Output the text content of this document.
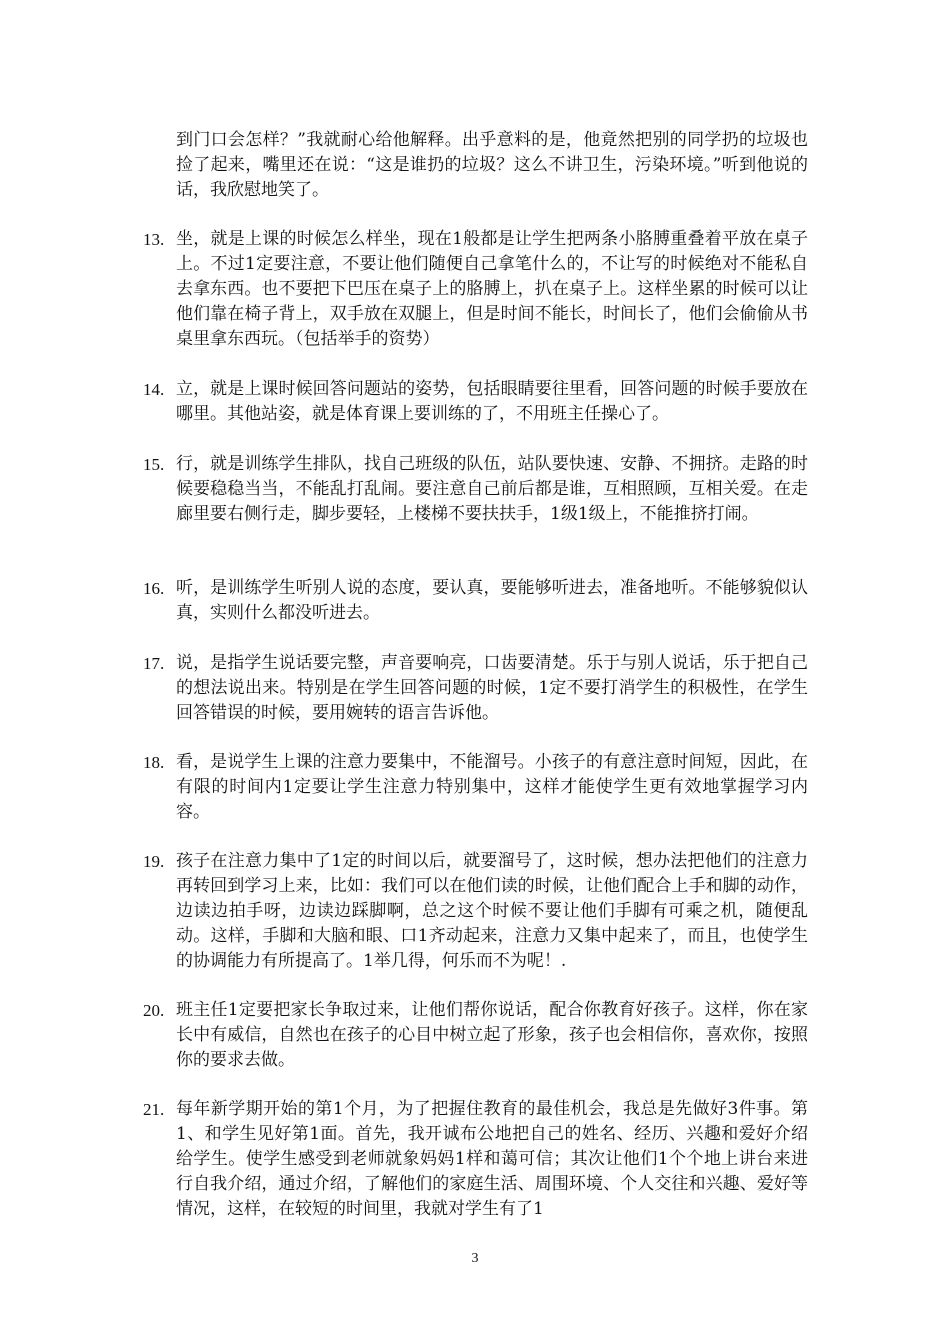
到门口会怎样？”我就耐心给他解释。出乎意料的是，他竟然把别的同学扔的垃圾也捡了起来，嘴里还在说：“这是谁扔的垃圾？这么不讲卫生，污染环境。”听到他说的话，我欣慰地笑了。

13. 坐，就是上课的时候怎么样坐，现在1般都是让学生把两条小胳膊重叠着平放在桌子上。不过1定要注意，不要让他们随便自己拿笔什么的，不让写的时候绝对不能私自去拿东西。也不要把下巴压在桌子上的胳膊上，扒在桌子上。这样坐累的时候可以让他们靠在椅子背上，双手放在双腿上，但是时间不能长，时间长了，他们会偷偷从书桌里拿东西玩。（包括举手的资势）

14. 立，就是上课时候回答问题站的姿势，包括眼睛要往里看，回答问题的时候手要放在哪里。其他站姿，就是体育课上要训练的了，不用班主任操心了。

15. 行，就是训练学生排队，找自己班级的队伍，站队要快速、安静、不拥挤。走路的时候要稳稳当当，不能乱打乱闹。要注意自己前后都是谁，互相照顾，互相关爱。在走廊里要右侧行走，脚步要轻，上楼梯不要扶扶手，1级1级上，不能推挤打闹。

16. 听，是训练学生听别人说的态度，要认真，要能够听进去，准备地听。不能够貌似认真，实则什么都没听进去。

17. 说，是指学生说话要完整，声音要响亮，口齿要清楚。乐于与别人说话，乐于把自己的想法说出来。特别是在学生回答问题的时候，1定不要打消学生的积极性，在学生回答错误的时候，要用婉转的语言告诉他。

18. 看，是说学生上课的注意力要集中，不能溜号。小孩子的有意注意时间短，因此，在有限的时间内1定要让学生注意力特别集中，这样才能使学生更有效地掌握学习内容。

19. 孩子在注意力集中了1定的时间以后，就要溜号了，这时候，想办法把他们的注意力再转回到学习上来，比如：我们可以在他们读的时候，让他们配合上手和脚的动作，边读边拍手呀，边读边踩脚啊，总之这个时候不要让他们手脚有可乘之机，随便乱动。这样，手脚和大脑和眼、口1齐动起来，注意力又集中起来了，而且，也使学生的协调能力有所提高了。1举几得，何乐而不为呢！.

20. 班主任1定要把家长争取过来，让他们帮你说话，配合你教育好孩子。这样，你在家长中有威信，自然也在孩子的心目中树立起了形象，孩子也会相信你，喜欢你，按照你的要求去做。

21. 每年新学期开始的第1个月，为了把握住教育的最佳机会，我总是先做好3件事。第1、和学生见好第1面。首先，我开诚布公地把自己的姓名、经历、兴趣和爱好介绍给学生。使学生感受到老师就象妈妈1样和蔼可信；其次让他们1个个地上讲台来进行自我介绍，通过介绍，了解他们的家庭生活、周围环境、个人交往和兴趣、爱好等情况，这样，在较短的时间里，我就对学生有了1

3
